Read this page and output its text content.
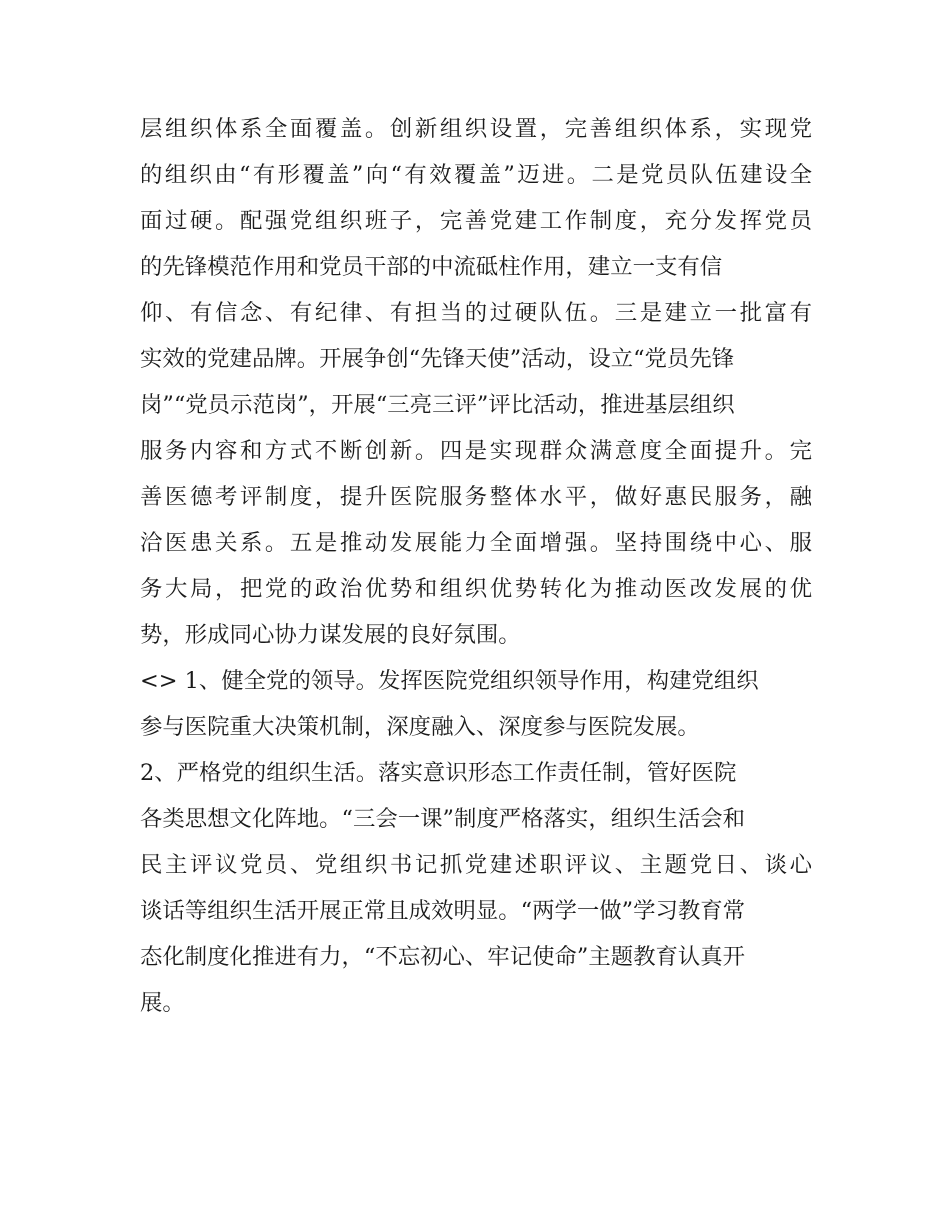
层组织体系全面覆盖。创新组织设置，完善组织体系，实现党
的组织由“有形覆盖”向“有效覆盖”迈进。二是党员队伍建设全
面过硬。配强党组织班子，完善党建工作制度，充分发挥党员
的先锋模范作用和党员干部的中流砥柱作用，建立一支有信
仰、有信念、有纪律、有担当的过硬队伍。三是建立一批富有
实效的党建品牌。开展争创“先锋天使”活动，设立“党员先锋
岗”“党员示范岗”，开展“三亮三评”评比活动，推进基层组织
服务内容和方式不断创新。四是实现群众满意度全面提升。完
善医德考评制度，提升医院服务整体水平，做好惠民服务，融
洽医患关系。五是推动发展能力全面增强。坚持围绕中心、服
务大局，把党的政治优势和组织优势转化为推动医改发展的优
势，形成同心协力谋发展的良好氛围。
<> 1、健全党的领导。发挥医院党组织领导作用，构建党组织
参与医院重大决策机制，深度融入、深度参与医院发展。
2、严格党的组织生活。落实意识形态工作责任制，管好医院
各类思想文化阵地。“三会一课”制度严格落实，组织生活会和
民主评议党员、党组织书记抓党建述职评议、主题党日、谈心
谈话等组织生活开展正常且成效明显。“两学一做”学习教育常
态化制度化推进有力，“不忘初心、牢记使命”主题教育认真开
展。
